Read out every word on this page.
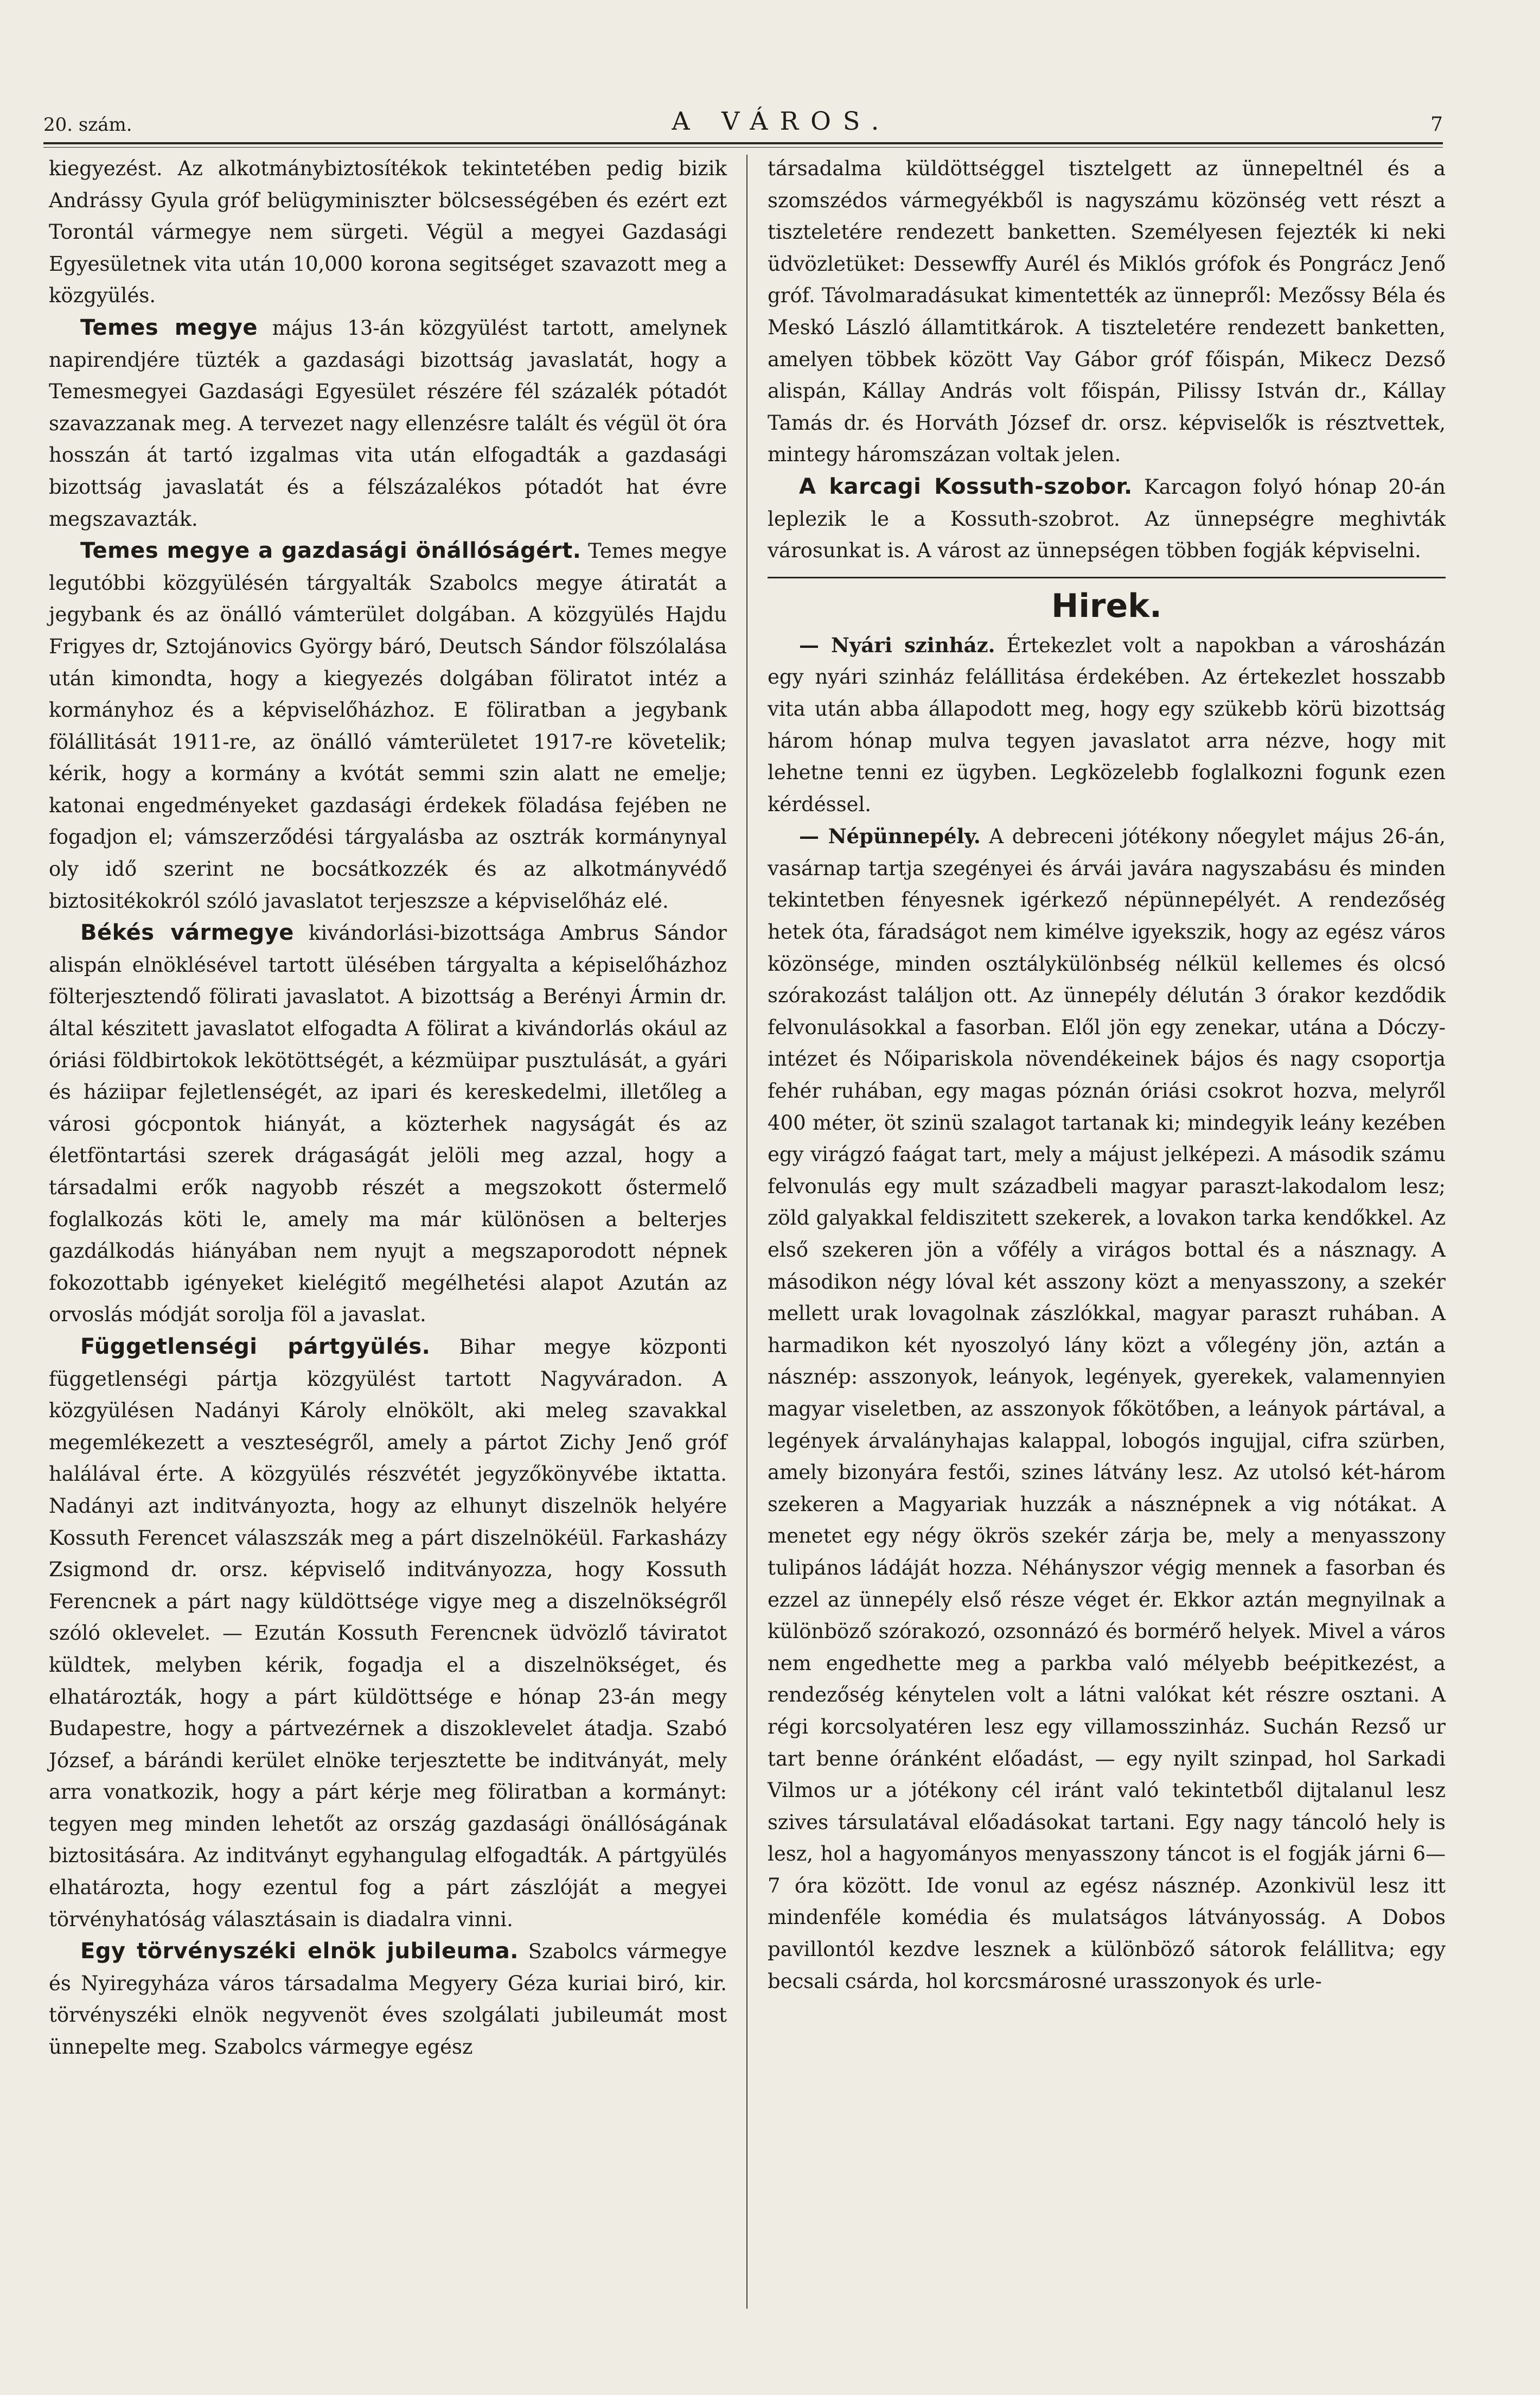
20. szám.	A VÁROS.	7

kiegyezést. Az alkotmánybiztosítékok tekintetében pedig bizik Andrássy Gyula gróf belügyminiszter bölcsességében és ezért ezt Torontál vármegye nem sürgeti. Végül a megyei Gazdasági Egyesületnek vita után 10,000 korona segitséget szavazott meg a közgyülés.

Temes megye május 13-án közgyülést tartott, amelynek napirendjére tüzték a gazdasági bizottság javaslatát, hogy a Temesmegyei Gazdasági Egyesület részére fél százalék pótadót szavazzanak meg. A tervezet nagy ellenzésre talált és végül öt óra hosszán át tartó izgalmas vita után elfogadták a gazdasági bizottság javaslatát és a félszázalékos pótadót hat évre megszavazták.

Temes megye a gazdasági önállóságért. Temes megye legutóbbi közgyülésén tárgyalták Szabolcs megye átiratát a jegybank és az önálló vámterület dolgában. A közgyülés Hajdu Frigyes dr, Sztojánovics György báró, Deutsch Sándor fölszólalása után kimondta, hogy a kiegyezés dolgában föliratot intéz a kormányhoz és a képviselőházhoz. E föliratban a jegybank fölállitását 1911-re, az önálló vámterületet 1917-re követelik; kérik, hogy a kormány a kvótát semmi szin alatt ne emelje; katonai engedményeket gazdasági érdekek föladása fejében ne fogadjon el; vámszerződési tárgyalásba az osztrák kormánynyal oly idő szerint ne bocsátkozzék és az alkotmányvédő biztositékokról szóló javaslatot terjeszsze a képviselőház elé.

Békés vármegye kivándorlási-bizottsága Ambrus Sándor alispán elnöklésével tartott ülésében tárgyalta a képiselőházhoz fölterjesztendő fölirati javaslatot. A bizottság a Berényi Ármin dr. által készitett javaslatot elfogadta A fölirat a kivándorlás okául az óriási földbirtokok lekötöttségét, a kézmüipar pusztulását, a gyári és háziipar fejletlenségét, az ipari és kereskedelmi, illetőleg a városi gócpontok hiányát, a közterhek nagyságát és az életföntartási szerek drágaságát jelöli meg azzal, hogy a társadalmi erők nagyobb részét a megszokott őstermelő foglalkozás köti le, amely ma már különösen a belterjes gazdálkodás hiányában nem nyujt a megszaporodott népnek fokozottabb igényeket kielégitő megélhetési alapot Azután az orvoslás módját sorolja föl a javaslat.

Függetlenségi pártgyülés. Bihar megye központi függetlenségi pártja közgyülést tartott Nagyváradon. A közgyülésen Nadányi Károly elnökölt, aki meleg szavakkal megemlékezett a veszteségről, amely a pártot Zichy Jenő gróf halálával érte. A közgyülés részvétét jegyzőkönyvébe iktatta. Nadányi azt inditványozta, hogy az elhunyt diszelnök helyére Kossuth Ferencet válaszszák meg a párt diszelnökéül. Farkasházy Zsigmond dr. orsz. képviselő inditványozza, hogy Kossuth Ferencnek a párt nagy küldöttsége vigye meg a diszelnökségről szóló oklevelet. — Ezután Kossuth Ferencnek üdvözlő táviratot küldtek, melyben kérik, fogadja el a diszelnökséget, és elhatározták, hogy a párt küldöttsége e hónap 23-án megy Budapestre, hogy a pártvezérnek a diszoklevelet átadja. Szabó József, a bárándi kerület elnöke terjesztette be inditványát, mely arra vonatkozik, hogy a párt kérje meg föliratban a kormányt: tegyen meg minden lehetőt az ország gazdasági önállóságának biztositására. Az inditványt egyhangulag elfogadták. A pártgyülés elhatározta, hogy ezentul fog a párt zászlóját a megyei törvényhatóság választásain is diadalra vinni.

Egy törvényszéki elnök jubileuma. Szabolcs vármegye és Nyiregyháza város társadalma Megyery Géza kuriai biró, kir. törvényszéki elnök negyvenöt éves szolgálati jubileumát most ünnepelte meg. Szabolcs vármegye egész

társadalma küldöttséggel tisztelgett az ünnepeltnél és a szomszédos vármegyékből is nagyszámu közönség vett részt a tiszteletére rendezett banketten. Személyesen fejezték ki neki üdvözletüket: Dessewffy Aurél és Miklós grófok és Pongrácz Jenő gróf. Távolmaradásukat kimentették az ünnepről: Mezőssy Béla és Meskó László államtitkárok. A tiszteletére rendezett banketten, amelyen többek között Vay Gábor gróf főispán, Mikecz Dezső alispán, Kállay András volt főispán, Pilissy István dr., Kállay Tamás dr. és Horváth József dr. orsz. képviselők is résztvettek, mintegy háromszázan voltak jelen.

A karcagi Kossuth-szobor. Karcagon folyó hónap 20-án leplezik le a Kossuth-szobrot. Az ünnepségre meghivták városunkat is. A várost az ünnepségen többen fogják képviselni.

Hirek.

— Nyári szinház. Értekezlet volt a napokban a városházán egy nyári szinház felállitása érdekében. Az értekezlet hosszabb vita után abba állapodott meg, hogy egy szükebb körü bizottság három hónap mulva tegyen javaslatot arra nézve, hogy mit lehetne tenni ez ügyben. Legközelebb foglalkozni fogunk ezen kérdéssel.

— Népünnepély. A debreceni jótékony nőegylet május 26-án, vasárnap tartja szegényei és árvái javára nagyszabásu és minden tekintetben fényesnek igérkező népünnepélyét. A rendezőség hetek óta, fáradságot nem kimélve igyekszik, hogy az egész város közönsége, minden osztálykülönbség nélkül kellemes és olcsó szórakozást találjon ott. Az ünnepély délután 3 órakor kezdődik felvonulásokkal a fasorban. Elől jön egy zenekar, utána a Dóczy-intézet és Nőipariskola növendékeinek bájos és nagy csoportja fehér ruhában, egy magas póznán óriási csokrot hozva, melyről 400 méter, öt szinü szalagot tartanak ki; mindegyik leány kezében egy virágzó faágat tart, mely a májust jelképezi. A második számu felvonulás egy mult századbeli magyar paraszt-lakodalom lesz; zöld galyakkal feldiszitett szekerek, a lovakon tarka kendőkkel. Az első szekeren jön a vőfély a virágos bottal és a násznagy. A másodikon négy lóval két asszony közt a menyasszony, a szekér mellett urak lovagolnak zászlókkal, magyar paraszt ruhában. A harmadikon két nyoszolyó lány közt a vőlegény jön, aztán a násznép: asszonyok, leányok, legények, gyerekek, valamennyien magyar viseletben, az asszonyok főkötőben, a leányok pártával, a legények árvalányhajas kalappal, lobogós ingujjal, cifra szürben, amely bizonyára festői, szines látvány lesz. Az utolsó két-három szekeren a Magyariak huzzák a násznépnek a vig nótákat. A menetet egy négy ökrös szekér zárja be, mely a menyasszony tulipános ládáját hozza. Néhányszor végig mennek a fasorban és ezzel az ünnepély első része véget ér. Ekkor aztán megnyilnak a különböző szórakozó, ozsonnázó és bormérő helyek. Mivel a város nem engedhette meg a parkba való mélyebb beépitkezést, a rendezőség kénytelen volt a látni valókat két részre osztani. A régi korcsolyatéren lesz egy villamosszinház. Suchán Rezső ur tart benne óránként előadást, — egy nyilt szinpad, hol Sarkadi Vilmos ur a jótékony cél iránt való tekintetből dijtalanul lesz szives társulatával előadásokat tartani. Egy nagy táncoló hely is lesz, hol a hagyományos menyasszony táncot is el fogják járni 6—7 óra között. Ide vonul az egész násznép. Azonkivül lesz itt mindenféle komédia és mulatságos látványosság. A Dobos pavillontól kezdve lesznek a különböző sátorok felállitva; egy becsali csárda, hol korcsmárosné urasszonyok és urle-
